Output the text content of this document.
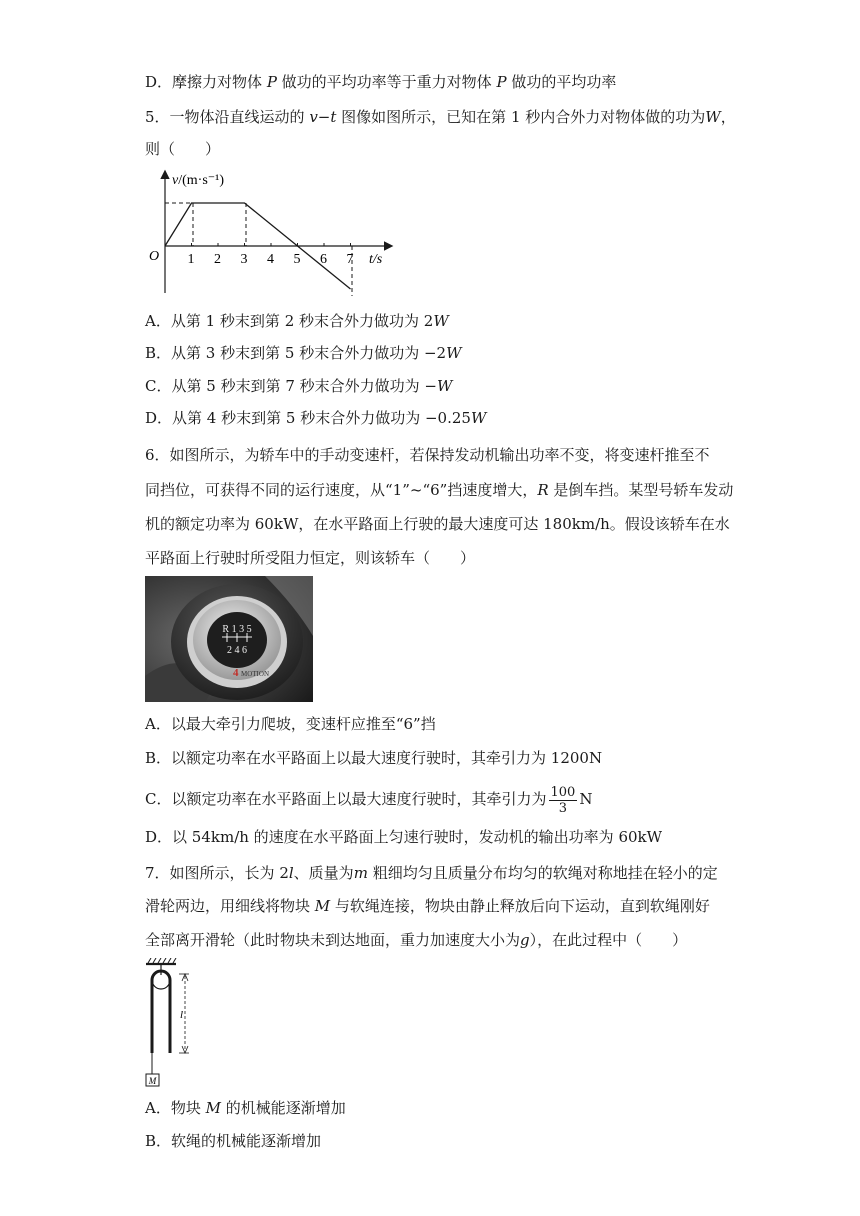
D．摩擦力对物体 P 做功的平均功率等于重力对物体 P 做功的平均功率
5．一物体沿直线运动的 v−t 图像如图所示，已知在第 1 秒内合外力对物体做的功为W，
则（　　）
v/(m·s⁻¹)
O	t/s
1 2 3 4 5 6 7
A．从第 1 秒末到第 2 秒末合外力做功为 2W
B．从第 3 秒末到第 5 秒末合外力做功为 −2W
C．从第 5 秒末到第 7 秒末合外力做功为 −W
D．从第 4 秒末到第 5 秒末合外力做功为 −0.25W
6．如图所示，为轿车中的手动变速杆，若保持发动机输出功率不变，将变速杆推至不
同挡位，可获得不同的运行速度，从“1”~“6”挡速度增大，R 是倒车挡。某型号轿车发动
机的额定功率为 60kW，在水平路面上行驶的最大速度可达 180km/h。假设该轿车在水
平路面上行驶时所受阻力恒定，则该轿车（　　）
R 1 3 5
2 4 6
4 MOTION
A．以最大牵引力爬坡，变速杆应推至“6”挡
B．以额定功率在水平路面上以最大速度行驶时，其牵引力为 1200N
C．以额定功率在水平路面上以最大速度行驶时，其牵引力为 $\frac{100}{3}$ N
D．以 54km/h 的速度在水平路面上匀速行驶时，发动机的输出功率为 60kW
7．如图所示，长为 2l、质量为m 粗细均匀且质量分布均匀的软绳对称地挂在轻小的定
滑轮两边，用细线将物块 M 与软绳连接，物块由静止释放后向下运动，直到软绳刚好
全部离开滑轮（此时物块未到达地面，重力加速度大小为g），在此过程中（　　）
M
l
A．物块 M 的机械能逐渐增加
B．软绳的机械能逐渐增加
